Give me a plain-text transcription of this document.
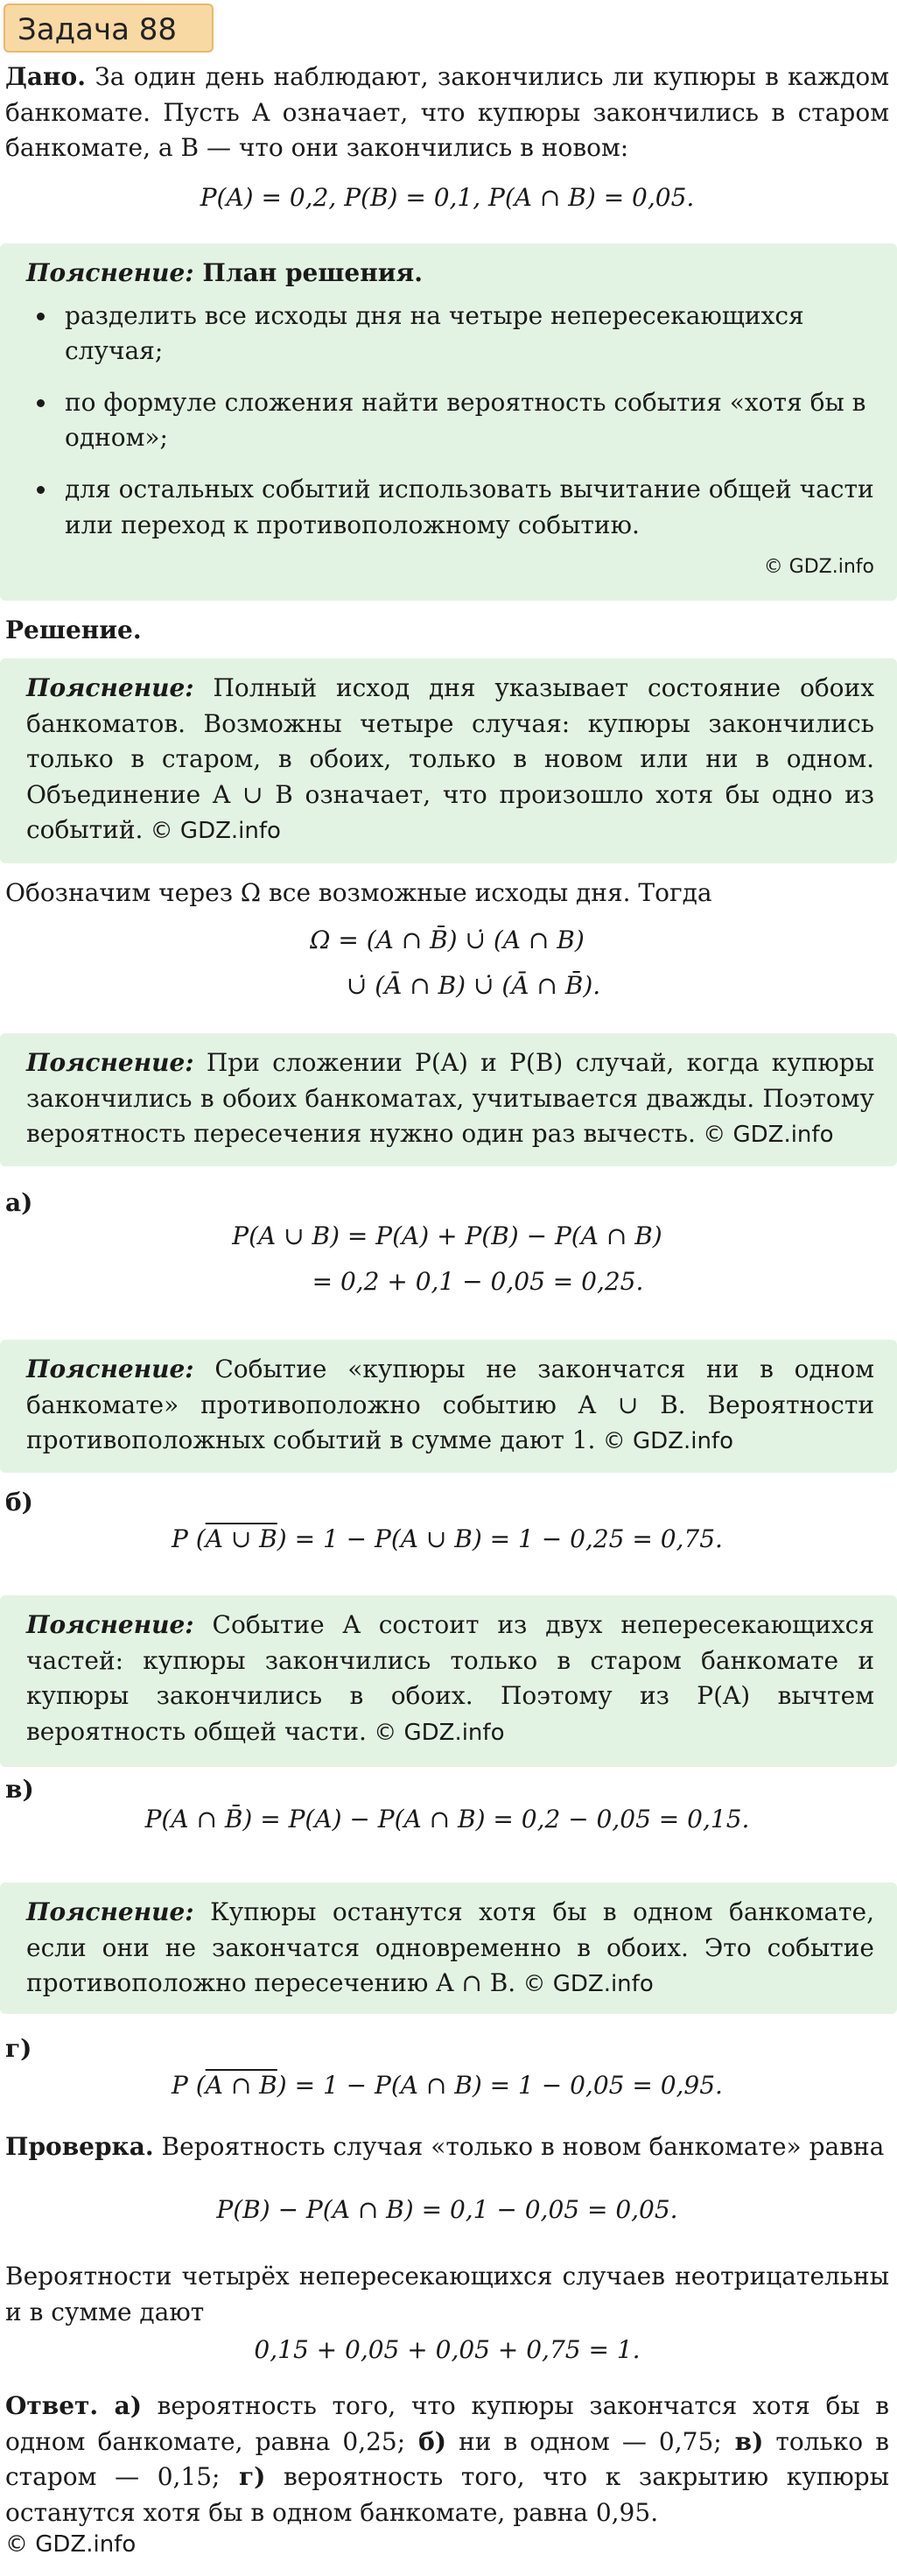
Задача 88
Дано. За один день наблюдают, закончились ли купюры в каждом банкомате. Пусть A означает, что купюры закончились в старом банкомате, а B — что они закончились в новом:
P(A) = 0,2, P(B) = 0,1, P(A ∩ B) = 0,05.
Пояснение: План решения.
• разделить все исходы дня на четыре непересекающихся случая;
• по формуле сложения найти вероятность события «хотя бы в одном»;
• для остальных событий использовать вычитание общей части или переход к противоположному событию.
© GDZ.info
Решение.
Пояснение: Полный исход дня указывает состояние обоих банкоматов. Возможны четыре случая: купюры закончились только в старом, в обоих, только в новом или ни в одном. Объединение A ∪ B означает, что произошло хотя бы одно из событий. © GDZ.info
Обозначим через Ω все возможные исходы дня. Тогда
Ω = (A ∩ B̄) ∪̇ (A ∩ B)
∪̇ (Ā ∩ B) ∪̇ (Ā ∩ B̄).
Пояснение: При сложении P(A) и P(B) случай, когда купюры закончились в обоих банкоматах, учитывается дважды. Поэтому вероятность пересечения нужно один раз вычесть. © GDZ.info
а)
P(A ∪ B) = P(A) + P(B) − P(A ∩ B)
= 0,2 + 0,1 − 0,05 = 0,25.
Пояснение: Событие «купюры не закончатся ни в одном банкомате» противоположно событию A ∪ B. Вероятности противоположных событий в сумме дают 1. © GDZ.info
б)
P (A ∪ B) = 1 − P(A ∪ B) = 1 − 0,25 = 0,75.
Пояснение: Событие A состоит из двух непересекающихся частей: купюры закончились только в старом банкомате и купюры закончились в обоих. Поэтому из P(A) вычтем вероятность общей части. © GDZ.info
в)
P(A ∩ B̄) = P(A) − P(A ∩ B) = 0,2 − 0,05 = 0,15.
Пояснение: Купюры останутся хотя бы в одном банкомате, если они не закончатся одновременно в обоих. Это событие противоположно пересечению A ∩ B. © GDZ.info
г)
P (A ∩ B) = 1 − P(A ∩ B) = 1 − 0,05 = 0,95.
Проверка. Вероятность случая «только в новом банкомате» равна
P(B) − P(A ∩ B) = 0,1 − 0,05 = 0,05.
Вероятности четырёх непересекающихся случаев неотрицательны и в сумме дают
0,15 + 0,05 + 0,05 + 0,75 = 1.
Ответ. а) вероятность того, что купюры закончатся хотя бы в одном банкомате, равна 0,25; б) ни в одном — 0,75; в) только в старом — 0,15; г) вероятность того, что к закрытию купюры останутся хотя бы в одном банкомате, равна 0,95.
© GDZ.info
